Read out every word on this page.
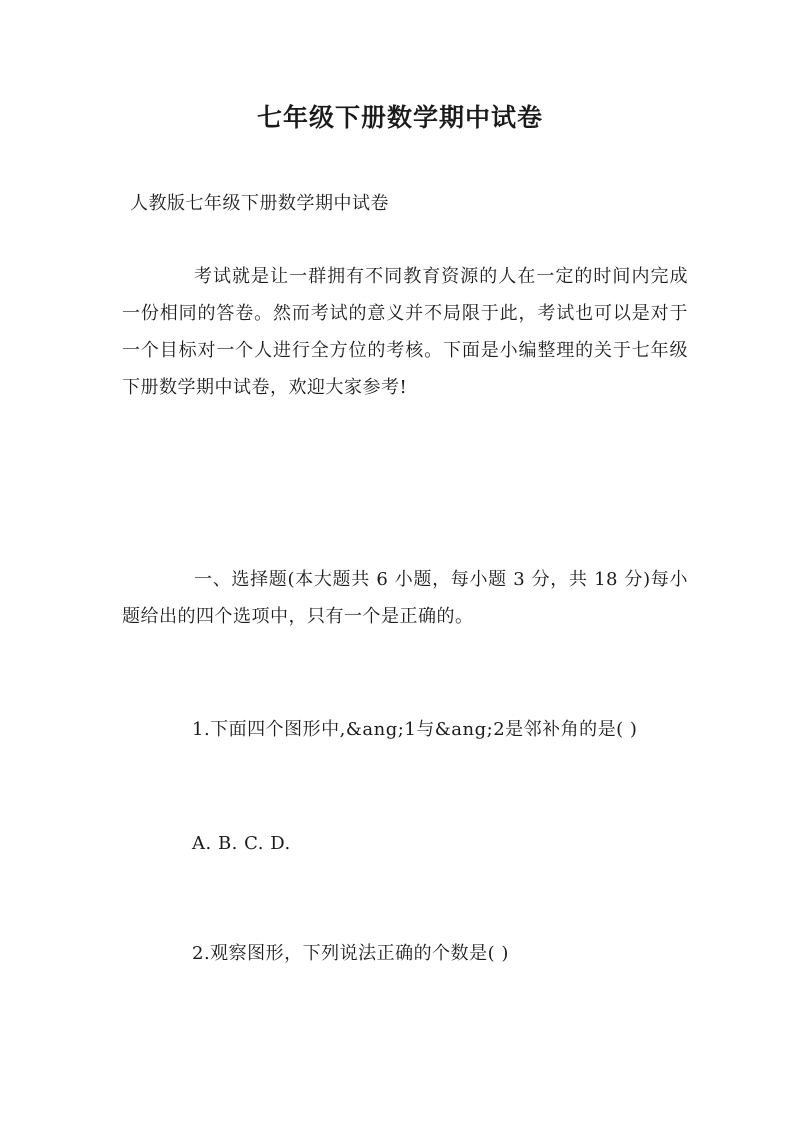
七年级下册数学期中试卷

人教版七年级下册数学期中试卷

考试就是让一群拥有不同教育资源的人在一定的时间内完成一份相同的答卷。然而考试的意义并不局限于此，考试也可以是对于一个目标对一个人进行全方位的考核。下面是小编整理的关于七年级下册数学期中试卷，欢迎大家参考!

一、选择题(本大题共 6 小题，每小题 3 分，共 18 分)每小题给出的四个选项中，只有一个是正确的。

1.下面四个图形中,&ang;1与&ang;2是邻补角的是( )

A. B. C. D.

2.观察图形，下列说法正确的个数是( )
